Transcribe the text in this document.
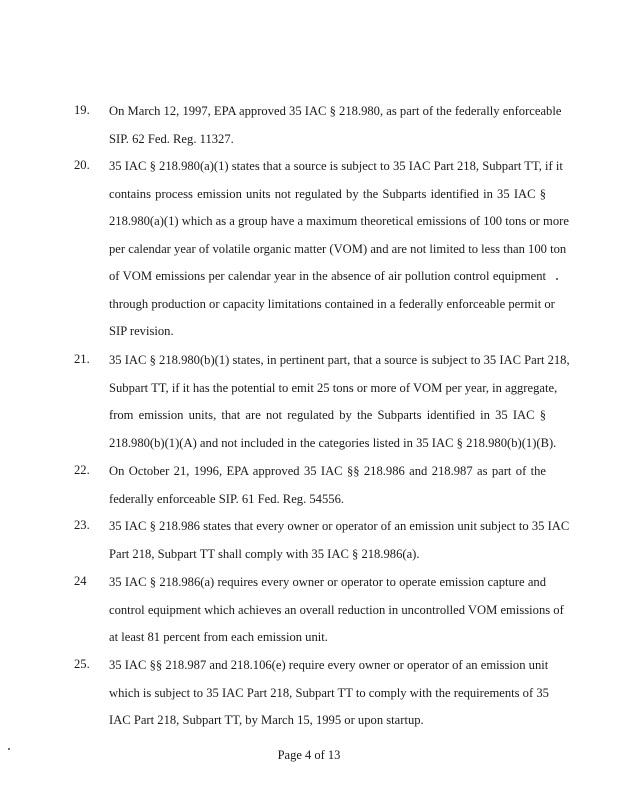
19.	On March 12, 1997, EPA approved 35 IAC § 218.980, as part of the federally enforceable
SIP. 62 Fed. Reg. 11327.
20.	35 IAC § 218.980(a)(1) states that a source is subject to 35 IAC Part 218, Subpart TT, if it
contains process emission units not regulated by the Subparts identified in 35 IAC §
218.980(a)(1) which as a group have a maximum theoretical emissions of 100 tons or more
per calendar year of volatile organic matter (VOM) and are not limited to less than 100 ton
of VOM emissions per calendar year in the absence of air pollution control equipment
through production or capacity limitations contained in a federally enforceable permit or
SIP revision.
21.	35 IAC § 218.980(b)(1) states, in pertinent part, that a source is subject to 35 IAC Part 218,
Subpart TT, if it has the potential to emit 25 tons or more of VOM per year, in aggregate,
from emission units, that are not regulated by the Subparts identified in 35 IAC §
218.980(b)(1)(A) and not included in the categories listed in 35 IAC § 218.980(b)(1)(B).
22.	On October 21, 1996, EPA approved 35 IAC §§ 218.986 and 218.987 as part of the
federally enforceable SIP. 61 Fed. Reg. 54556.
23.	35 IAC § 218.986 states that every owner or operator of an emission unit subject to 35 IAC
Part 218, Subpart TT shall comply with 35 IAC § 218.986(a).
24	35 IAC § 218.986(a) requires every owner or operator to operate emission capture and
control equipment which achieves an overall reduction in uncontrolled VOM emissions of
at least 81 percent from each emission unit.
25.	35 IAC §§ 218.987 and 218.106(e) require every owner or operator of an emission unit
which is subject to 35 IAC Part 218, Subpart TT to comply with the requirements of 35
IAC Part 218, Subpart TT, by March 15, 1995 or upon startup.
Page 4 of 13
